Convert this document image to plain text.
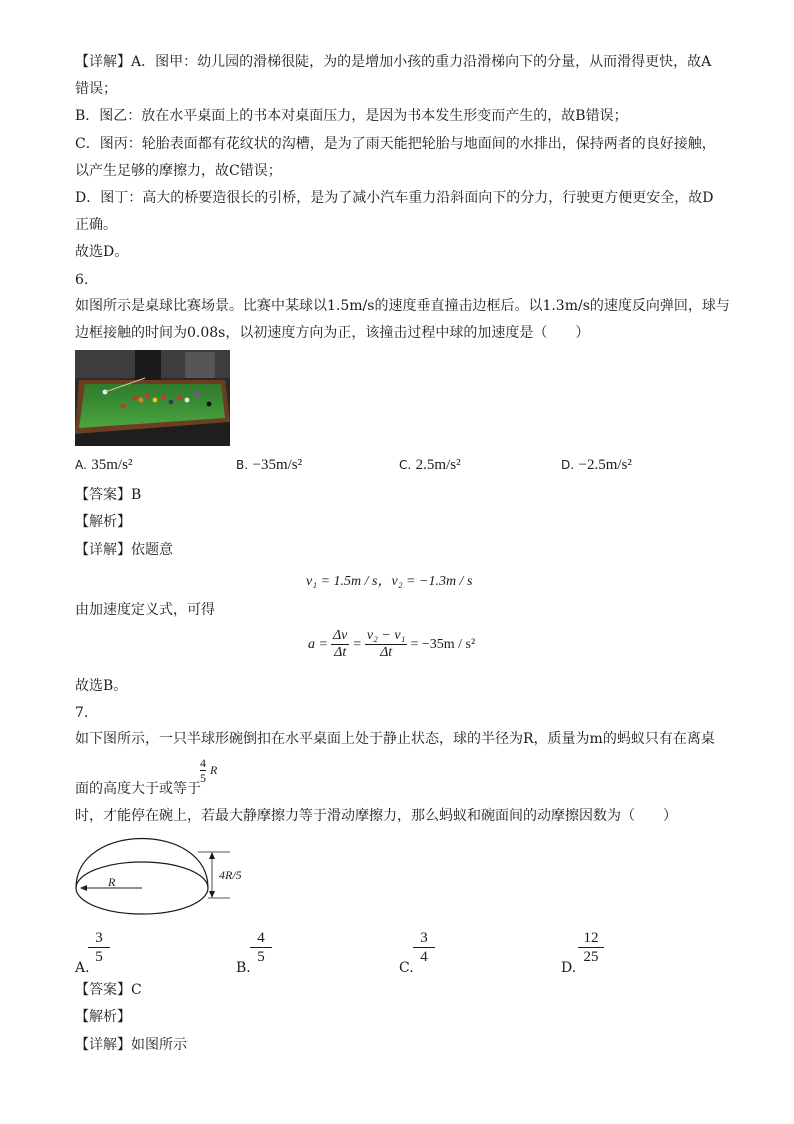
【详解】A．图甲：幼儿园的滑梯很陡，为的是增加小孩的重力沿滑梯向下的分量，从而滑得更快，故A
错误；
B．图乙：放在水平桌面上的书本对桌面压力，是因为书本发生形变而产生的，故B错误；
C．图丙：轮胎表面都有花纹状的沟槽，是为了雨天能把轮胎与地面间的水排出，保持两者的良好接触，
以产生足够的摩擦力，故C错误；
D．图丁：高大的桥要造很长的引桥，是为了减小汽车重力沿斜面向下的分力，行驶更方便更安全，故D
正确。
故选D。
6.
如图所示是桌球比赛场景。比赛中某球以1.5m/s的速度垂直撞击边框后。以1.3m/s的速度反向弹回，球与
边框接触的时间为0.08s，以初速度方向为正，该撞击过程中球的加速度是（　　）
A. 35m/s²	B. −35m/s²	C. 2.5m/s²	D. −2.5m/s²
【答案】B
【解析】
【详解】依题意
v₁ = 1.5m / s，v₂ = −1.3m / s
由加速度定义式，可得
$a = \frac{\Delta v}{\Delta t} = \frac{\text{v₂ − v₁}}{\Delta t} = -35m / s^2$
故选B。
7.
如下图所示，一只半球形碗倒扣在水平桌面上处于静止状态，球的半径为R，质量为m的蚂蚁只有在离桌
$\frac{4}{5}$ R
面的高度大于或等于
时，才能停在碗上，若最大静摩擦力等于滑动摩擦力，那么蚂蚁和碗面间的动摩擦因数为（　　）
R	4R/5
A.
$\frac{3}{5}$
B.
$\frac{4}{5}$
C.
$\frac{3}{4}$
D.
$\frac{12}{25}$
【答案】C
【解析】
【详解】如图所示
